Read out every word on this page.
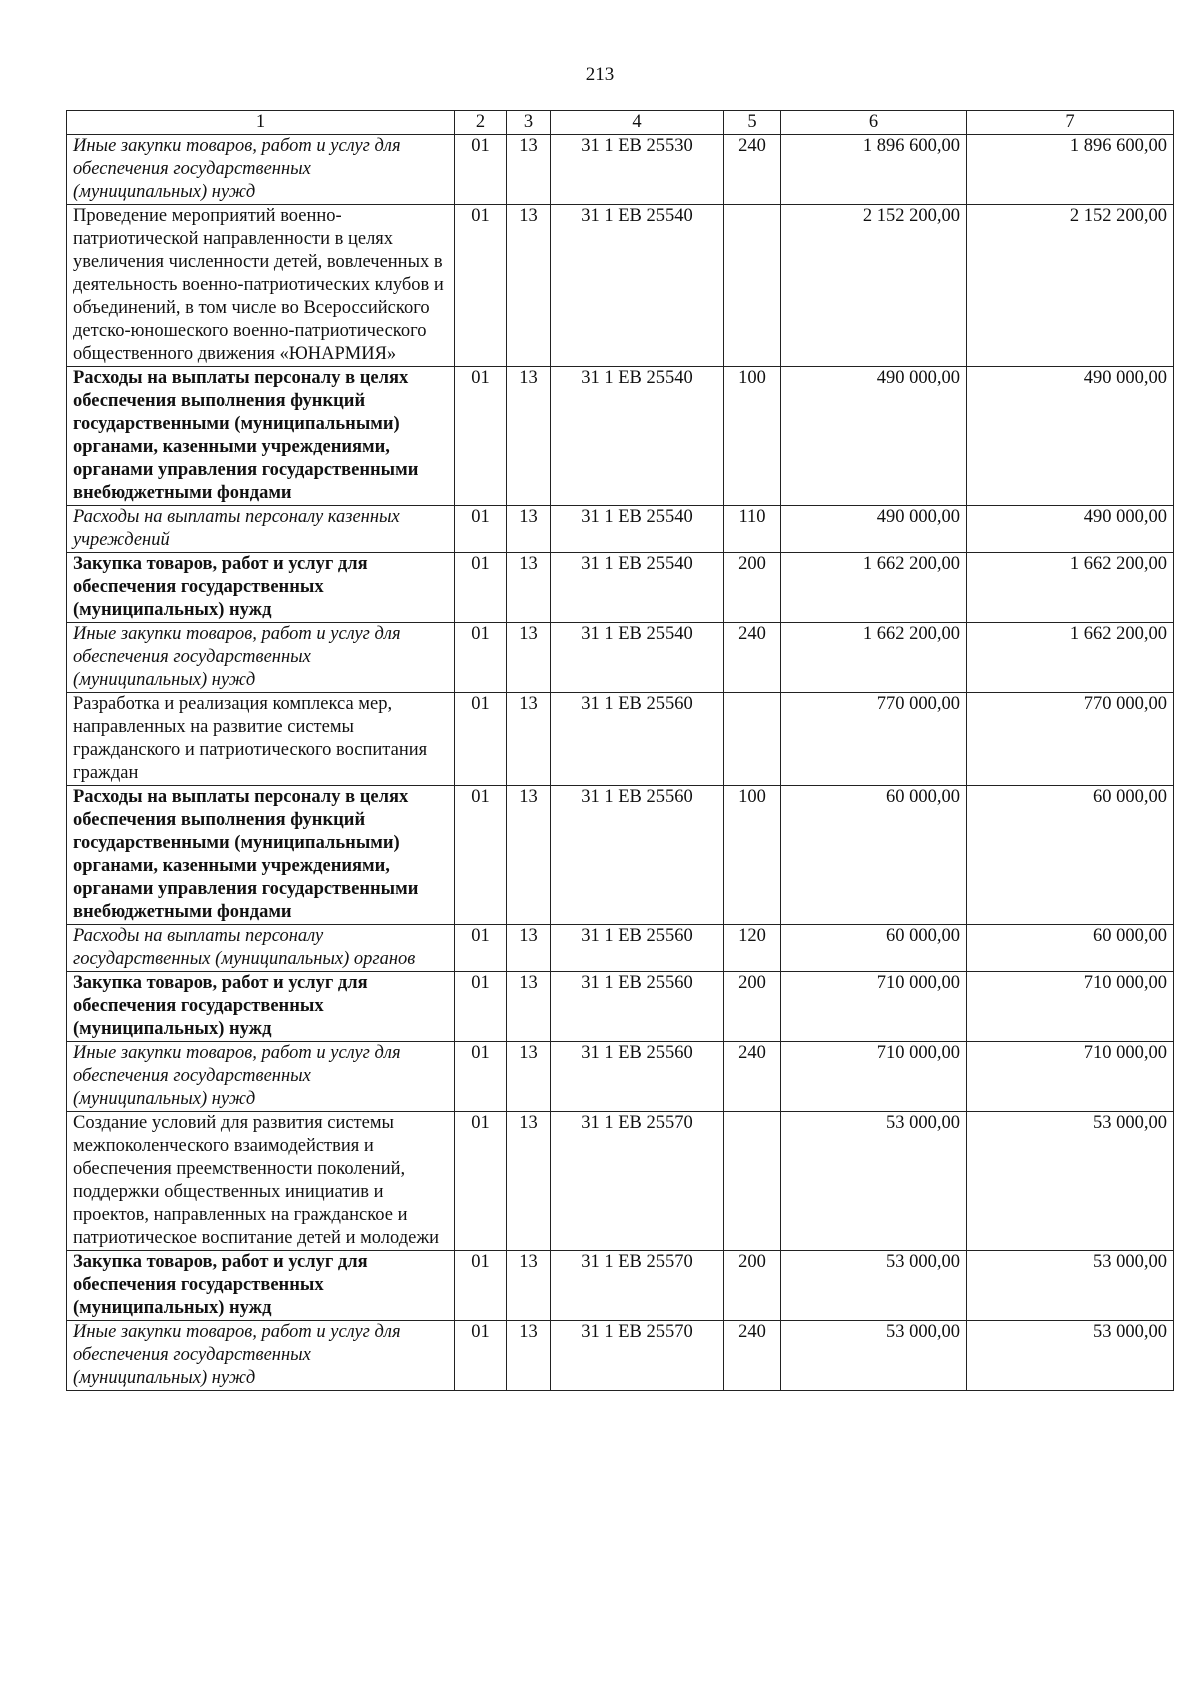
213
1	2	3	4	5	6	7
Иные закупки товаров, работ и услуг для обеспечения государственных (муниципальных) нужд	01	13	31 1 ЕВ 25530	240	1 896 600,00	1 896 600,00
Проведение мероприятий военно-патриотической направленности в целях увеличения численности детей, вовлеченных в деятельность военно-патриотических клубов и объединений, в том числе во Всероссийского детско-юношеского военно-патриотического общественного движения «ЮНАРМИЯ»	01	13	31 1 ЕВ 25540		2 152 200,00	2 152 200,00
Расходы на выплаты персоналу в целях обеспечения выполнения функций государственными (муниципальными) органами, казенными учреждениями, органами управления государственными внебюджетными фондами	01	13	31 1 ЕВ 25540	100	490 000,00	490 000,00
Расходы на выплаты персоналу казенных учреждений	01	13	31 1 ЕВ 25540	110	490 000,00	490 000,00
Закупка товаров, работ и услуг для обеспечения государственных (муниципальных) нужд	01	13	31 1 ЕВ 25540	200	1 662 200,00	1 662 200,00
Иные закупки товаров, работ и услуг для обеспечения государственных (муниципальных) нужд	01	13	31 1 ЕВ 25540	240	1 662 200,00	1 662 200,00
Разработка и реализация комплекса мер, направленных на развитие системы гражданского и патриотического воспитания граждан	01	13	31 1 ЕВ 25560		770 000,00	770 000,00
Расходы на выплаты персоналу в целях обеспечения выполнения функций государственными (муниципальными) органами, казенными учреждениями, органами управления государственными внебюджетными фондами	01	13	31 1 ЕВ 25560	100	60 000,00	60 000,00
Расходы на выплаты персоналу государственных (муниципальных) органов	01	13	31 1 ЕВ 25560	120	60 000,00	60 000,00
Закупка товаров, работ и услуг для обеспечения государственных (муниципальных) нужд	01	13	31 1 ЕВ 25560	200	710 000,00	710 000,00
Иные закупки товаров, работ и услуг для обеспечения государственных (муниципальных) нужд	01	13	31 1 ЕВ 25560	240	710 000,00	710 000,00
Создание условий для развития системы межпоколенческого взаимодействия и обеспечения преемственности поколений, поддержки общественных инициатив и проектов, направленных на гражданское и патриотическое воспитание детей и молодежи	01	13	31 1 ЕВ 25570		53 000,00	53 000,00
Закупка товаров, работ и услуг для обеспечения государственных (муниципальных) нужд	01	13	31 1 ЕВ 25570	200	53 000,00	53 000,00
Иные закупки товаров, работ и услуг для обеспечения государственных (муниципальных) нужд	01	13	31 1 ЕВ 25570	240	53 000,00	53 000,00
